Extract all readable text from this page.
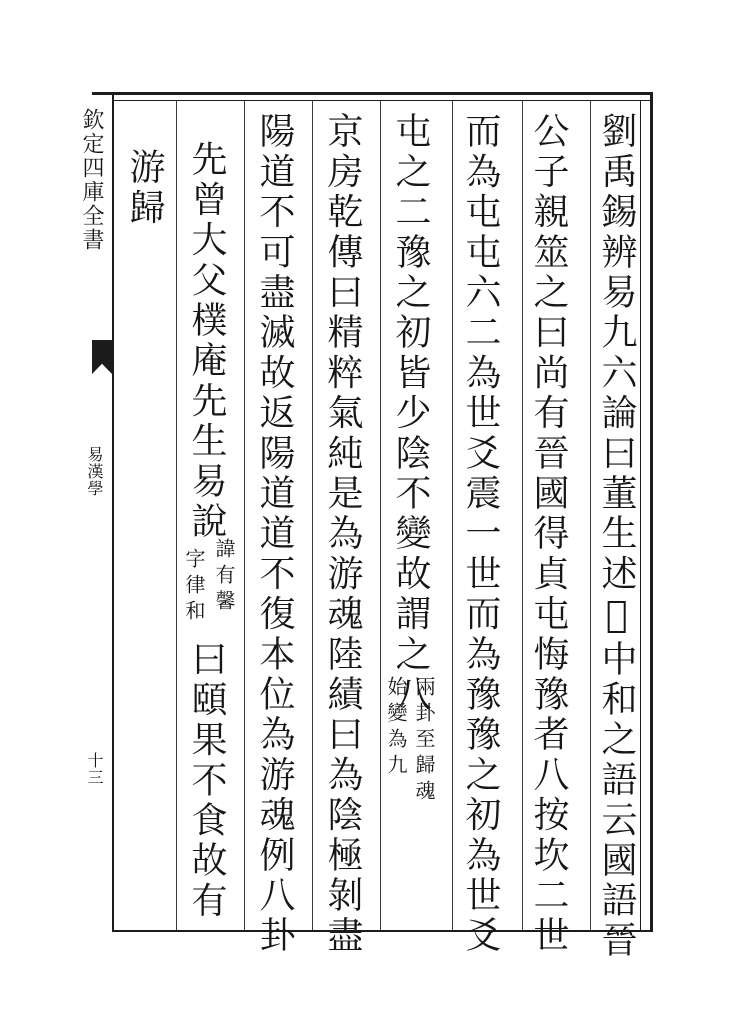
劉禹錫辨易九六論曰董生述𤳚中和之語云國語晉

公子親筮之曰尚有晉國得貞屯悔豫者八按坎二世

而為屯屯六二為世爻震一世而為豫豫之初為世爻

屯之二豫之初皆少陰不變故謂之八

兩卦至歸魂

始變為九

京房乾傳曰精粹氣純是為游魂陸績曰為陰極剝盡

陽道不可盡滅故返陽道道不復本位為游魂例八卦

先曾大父樸庵先生易說

諱有馨

字律和

曰頤果不食故有

游歸

欽定四庫全書

易漢學

十三
